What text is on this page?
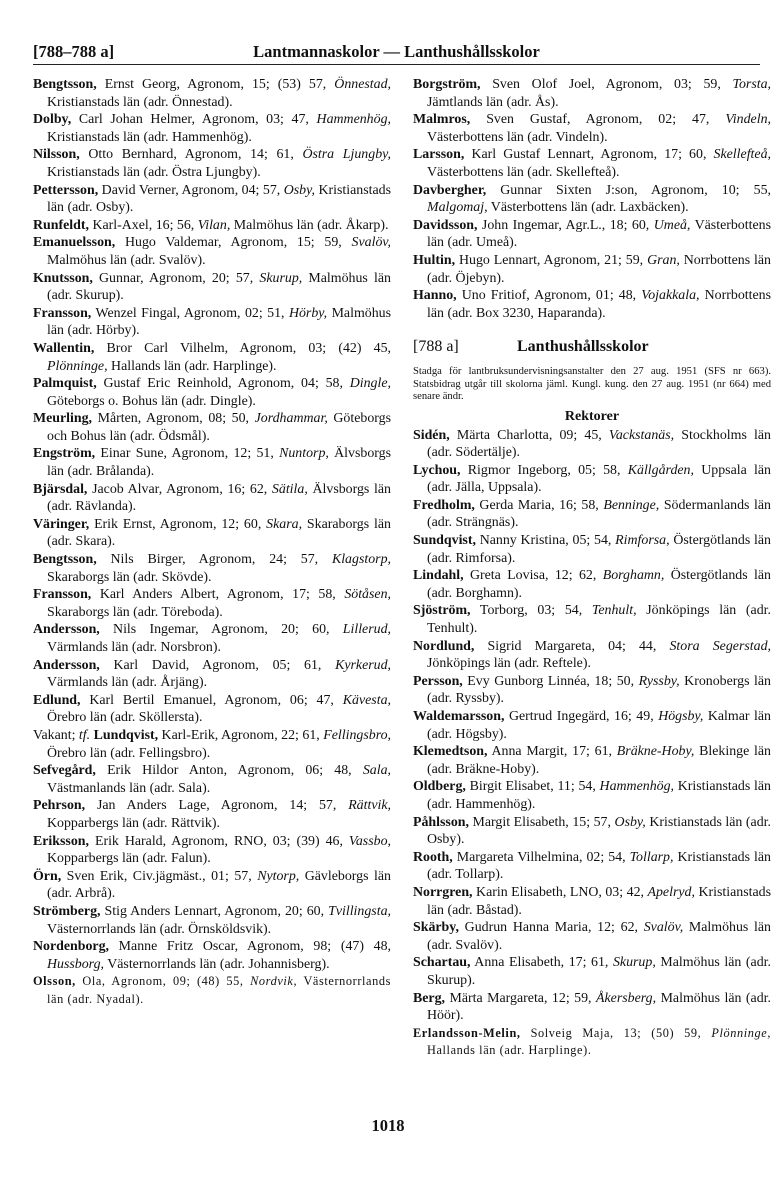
[788–788 a]	Lantmannaskolor — Lanthushållsskolor
Bengtsson, Ernst Georg, Agronom, 15; (53) 57, Önnestad, Kristianstads län (adr. Önnestad).
Dolby, Carl Johan Helmer, Agronom, 03; 47, Hammenhög, Kristianstads län (adr. Hammenhög).
Nilsson, Otto Bernhard, Agronom, 14; 61, Östra Ljungby, Kristianstads län (adr. Östra Ljungby).
Pettersson, David Verner, Agronom, 04; 57, Osby, Kristianstads län (adr. Osby).
Runfeldt, Karl-Axel, 16; 56, Vilan, Malmöhus län (adr. Åkarp).
Emanuelsson, Hugo Valdemar, Agronom, 15; 59, Svalöv, Malmöhus län (adr. Svalöv).
Knutsson, Gunnar, Agronom, 20; 57, Skurup, Malmöhus län (adr. Skurup).
Fransson, Wenzel Fingal, Agronom, 02; 51, Hörby, Malmöhus län (adr. Hörby).
Wallentin, Bror Carl Vilhelm, Agronom, 03; (42) 45, Plönninge, Hallands län (adr. Harplinge).
Palmquist, Gustaf Eric Reinhold, Agronom, 04; 58, Dingle, Göteborgs o. Bohus län (adr. Dingle).
Meurling, Mårten, Agronom, 08; 50, Jordhammar, Göteborgs och Bohus län (adr. Ödsmål).
Engström, Einar Sune, Agronom, 12; 51, Nuntorp, Älvsborgs län (adr. Brålanda).
Bjärsdal, Jacob Alvar, Agronom, 16; 62, Sätila, Älvsborgs län (adr. Rävlanda).
Väringer, Erik Ernst, Agronom, 12; 60, Skara, Skaraborgs län (adr. Skara).
Bengtsson, Nils Birger, Agronom, 24; 57, Klagstorp, Skaraborgs län (adr. Skövde).
Fransson, Karl Anders Albert, Agronom, 17; 58, Sötåsen, Skaraborgs län (adr. Töreboda).
Andersson, Nils Ingemar, Agronom, 20; 60, Lillerud, Värmlands län (adr. Norsbron).
Andersson, Karl David, Agronom, 05; 61, Kyrkerud, Värmlands län (adr. Årjäng).
Edlund, Karl Bertil Emanuel, Agronom, 06; 47, Kävesta, Örebro län (adr. Sköllersta).
Vakant; tf. Lundqvist, Karl-Erik, Agronom, 22; 61, Fellingsbro, Örebro län (adr. Fellingsbro).
Sefvegård, Erik Hildor Anton, Agronom, 06; 48, Sala, Västmanlands län (adr. Sala).
Pehrson, Jan Anders Lage, Agronom, 14; 57, Rättvik, Kopparbergs län (adr. Rättvik).
Eriksson, Erik Harald, Agronom, RNO, 03; (39) 46, Vassbo, Kopparbergs län (adr. Falun).
Örn, Sven Erik, Civ.jägmäst., 01; 57, Nytorp, Gävleborgs län (adr. Arbrå).
Strömberg, Stig Anders Lennart, Agronom, 20; 60, Tvillingsta, Västernorrlands län (adr. Örnsköldsvik).
Nordenborg, Manne Fritz Oscar, Agronom, 98; (47) 48, Hussborg, Västernorrlands län (adr. Johannisberg).
Olsson, Ola, Agronom, 09; (48) 55, Nordvik, Västernorrlands län (adr. Nyadal).
Borgström, Sven Olof Joel, Agronom, 03; 59, Torsta, Jämtlands län (adr. Ås).
Malmros, Sven Gustaf, Agronom, 02; 47, Vindeln, Västerbottens län (adr. Vindeln).
Larsson, Karl Gustaf Lennart, Agronom, 17; 60, Skellefteå, Västerbottens län (adr. Skellefteå).
Davbergher, Gunnar Sixten J:son, Agronom, 10; 55, Malgomaj, Västerbottens län (adr. Laxbäcken).
Davidsson, John Ingemar, Agr.L., 18; 60, Umeå, Västerbottens län (adr. Umeå).
Hultin, Hugo Lennart, Agronom, 21; 59, Gran, Norrbottens län (adr. Öjebyn).
Hanno, Uno Fritiof, Agronom, 01; 48, Vojakkala, Norrbottens län (adr. Box 3230, Haparanda).
[788 a]	Lanthushållsskolor
Stadga för lantbruksundervisningsanstalter den 27 aug. 1951 (SFS nr 663). Statsbidrag utgår till skolorna jäml. Kungl. kung. den 27 aug. 1951 (nr 664) med senare ändr.
Rektorer
Sidén, Märta Charlotta, 09; 45, Vackstanäs, Stockholms län (adr. Södertälje).
Lychou, Rigmor Ingeborg, 05; 58, Källgården, Uppsala län (adr. Jälla, Uppsala).
Fredholm, Gerda Maria, 16; 58, Benninge, Södermanlands län (adr. Strängnäs).
Sundqvist, Nanny Kristina, 05; 54, Rimforsa, Östergötlands län (adr. Rimforsa).
Lindahl, Greta Lovisa, 12; 62, Borghamn, Östergötlands län (adr. Borghamn).
Sjöström, Torborg, 03; 54, Tenhult, Jönköpings län (adr. Tenhult).
Nordlund, Sigrid Margareta, 04; 44, Stora Segerstad, Jönköpings län (adr. Reftele).
Persson, Evy Gunborg Linnéa, 18; 50, Ryssby, Kronobergs län (adr. Ryssby).
Waldemarsson, Gertrud Ingegärd, 16; 49, Högsby, Kalmar län (adr. Högsby).
Klemedtson, Anna Margit, 17; 61, Bräkne-Hoby, Blekinge län (adr. Bräkne-Hoby).
Oldberg, Birgit Elisabet, 11; 54, Hammenhög, Kristianstads län (adr. Hammenhög).
Påhlsson, Margit Elisabeth, 15; 57, Osby, Kristianstads län (adr. Osby).
Rooth, Margareta Vilhelmina, 02; 54, Tollarp, Kristianstads län (adr. Tollarp).
Norrgren, Karin Elisabeth, LNO, 03; 42, Apelryd, Kristianstads län (adr. Båstad).
Skärby, Gudrun Hanna Maria, 12; 62, Svalöv, Malmöhus län (adr. Svalöv).
Schartau, Anna Elisabeth, 17; 61, Skurup, Malmöhus län (adr. Skurup).
Berg, Märta Margareta, 12; 59, Åkersberg, Malmöhus län (adr. Höör).
Erlandsson-Melin, Solveig Maja, 13; (50) 59, Plönninge, Hallands län (adr. Harplinge).
1018
